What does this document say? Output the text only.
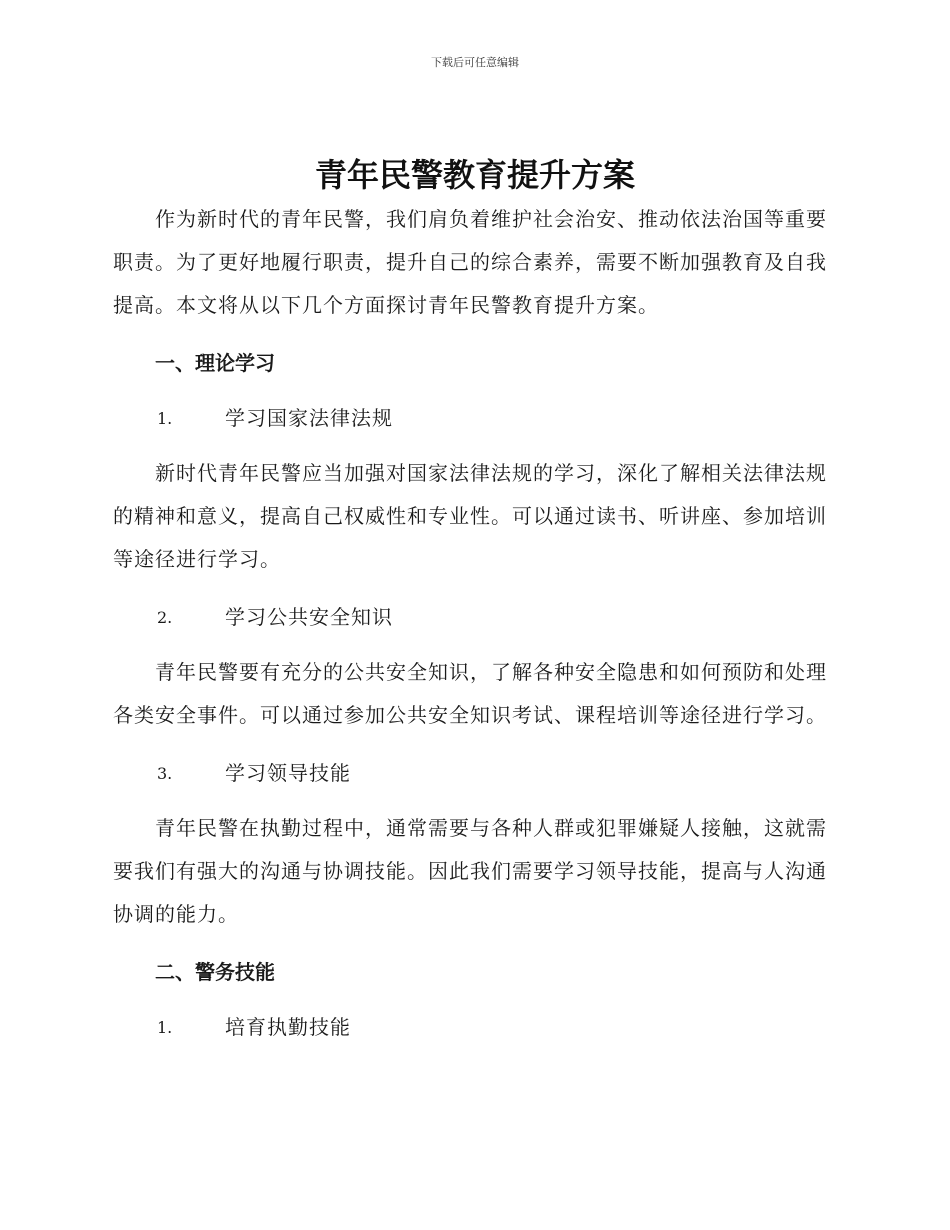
下载后可任意编辑
青年民警教育提升方案

作为新时代的青年民警，我们肩负着维护社会治安、推动依法治国等重要职责。为了更好地履行职责，提升自己的综合素养，需要不断加强教育及自我提高。本文将从以下几个方面探讨青年民警教育提升方案。

一、理论学习
1.	学习国家法律法规

新时代青年民警应当加强对国家法律法规的学习，深化了解相关法律法规的精神和意义，提高自己权威性和专业性。可以通过读书、听讲座、参加培训等途径进行学习。

2.	学习公共安全知识

青年民警要有充分的公共安全知识，了解各种安全隐患和如何预防和处理各类安全事件。可以通过参加公共安全知识考试、课程培训等途径进行学习。

3.	学习领导技能

青年民警在执勤过程中，通常需要与各种人群或犯罪嫌疑人接触，这就需要我们有强大的沟通与协调技能。因此我们需要学习领导技能，提高与人沟通协调的能力。

二、警务技能
1.	培育执勤技能
